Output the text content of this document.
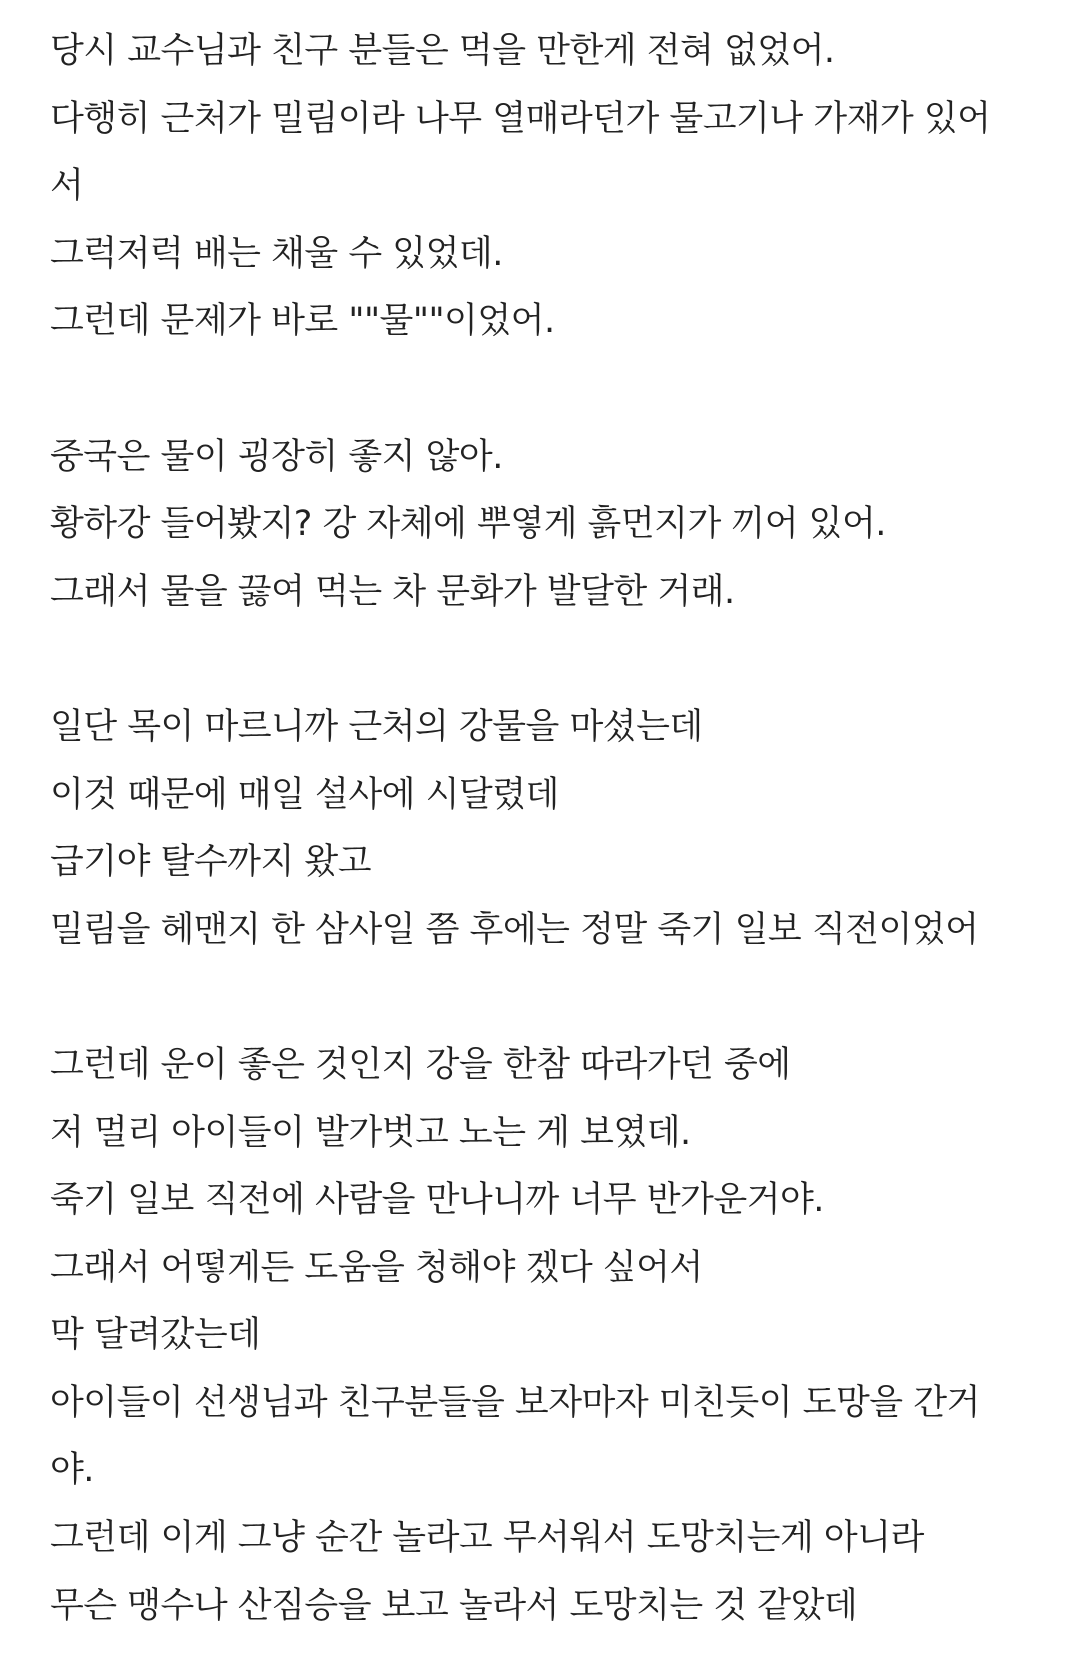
당시 교수님과 친구 분들은 먹을 만한게 전혀 없었어.
다행히 근처가 밀림이라 나무 열매라던가 물고기나 가재가 있어
서
그럭저럭 배는 채울 수 있었데.
그런데 문제가 바로 ""물""이었어.
중국은 물이 굉장히 좋지 않아.
황하강 들어봤지? 강 자체에 뿌옇게 흙먼지가 끼어 있어.
그래서 물을 끓여 먹는 차 문화가 발달한 거래.
일단 목이 마르니까 근처의 강물을 마셨는데
이것 때문에 매일 설사에 시달렸데
급기야 탈수까지 왔고
밀림을 헤맨지 한 삼사일 쯤 후에는 정말 죽기 일보 직전이었어
그런데 운이 좋은 것인지 강을 한참 따라가던 중에
저 멀리 아이들이 발가벗고 노는 게 보였데.
죽기 일보 직전에 사람을 만나니까 너무 반가운거야.
그래서 어떻게든 도움을 청해야 겠다 싶어서
막 달려갔는데
아이들이 선생님과 친구분들을 보자마자 미친듯이 도망을 간거
야.
그런데 이게 그냥 순간 놀라고 무서워서 도망치는게 아니라
무슨 맹수나 산짐승을 보고 놀라서 도망치는 것 같았데
